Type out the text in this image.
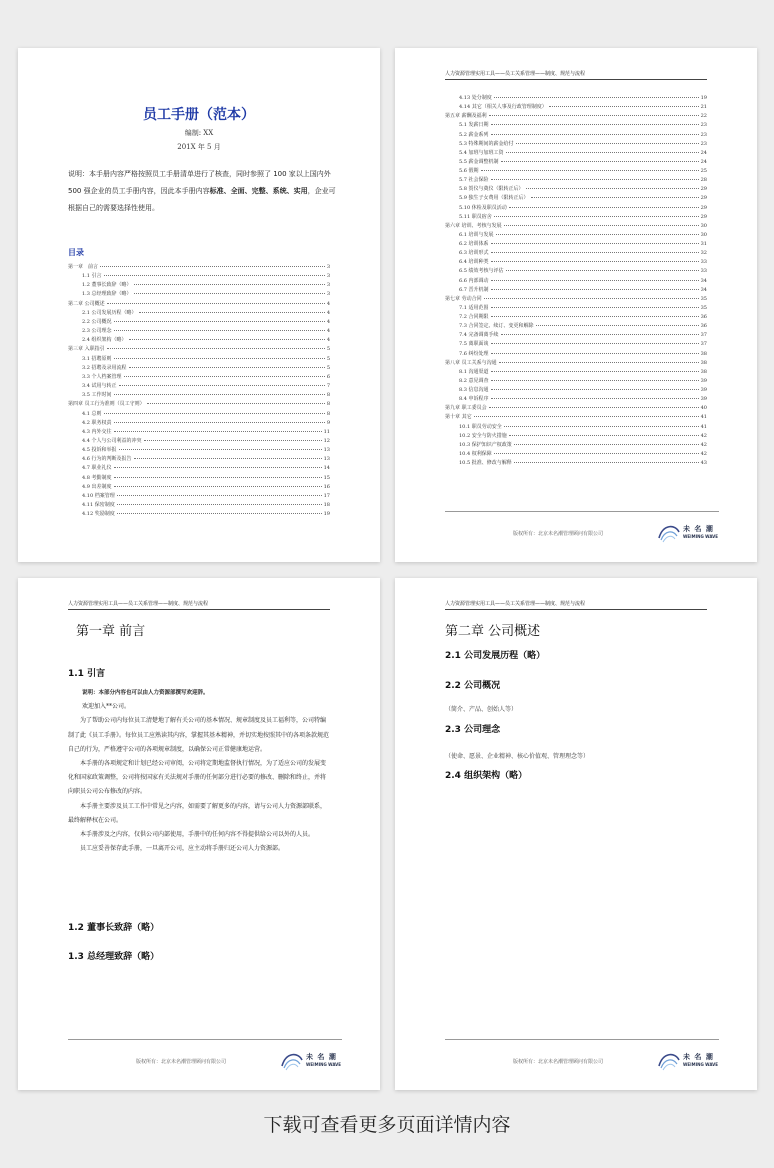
员工手册（范本）
编制: XX
201X 年 5 月
说明：本手册内容严格按照员工手册清单进行了核查，同时参照了 100 家以上国内外 500 强企业的员工手册内容，因此本手册内容标准、全面、完整、系统、实用，企业可根据自己的需要选择性使用。
目录
第一章　前言	3
1.1 引言	3
1.2 董事长致辞（略）	3
1.3 总经理致辞（略）	3
第二章 公司概述	4
2.1 公司发展历程（略）	4
2.2 公司概况	4
2.3 公司理念	4
2.4 组织架构（略）	4
第三章 入职指引	5
3.1 招聘原则	5
3.2 招聘及录用流程	5
3.3 个人档案管理	6
3.4 试用与转正	7
3.5 工作时间	8
第四章 员工行为准则（员工守则）	8
4.1 总则	8
4.2 职务权责	9
4.3 内外交往	11
4.4 个人与公司利益的冲突	12
4.5 投诉和举报	13
4.6 行为的判断及报告	13
4.7 职业礼仪	14
4.8 考勤制度	15
4.9 出差制度	16
4.10 档案管理	17
4.11 保密制度	18
4.12 奖励制度	19
人力资源管理实用工具——员工关系管理——制度、规范与流程
4.13 处分制度	19
4.14 其它（相关人事及行政管理制度）	21
第五章 薪酬及福利	22
5.1 发薪日期	23
5.2 薪金系列	23
5.3 特殊期间的薪金给付	23
5.4 加班与加班工资	24
5.5 薪金调整机制	24
5.6 假期	25
5.7 社会保险	28
5.8 贺仪与奠仪（限转正后）	29
5.9 独生子女费用（限转正后）	29
5.10 休检及职员活动	29
5.11 职员宿舍	29
第六章 培训、考核与发展	30
6.1 培训与发展	30
6.2 培训体系	31
6.3 培训形式	32
6.4 培训种类	33
6.5 绩效考核与评估	33
6.6 内部调动	34
6.7 晋升机制	34
第七章 劳动合同	35
7.1 适用范围	35
7.2 合同期限	36
7.3 合同签定、续订、变更和解除	36
7.4 完备调离手续	37
7.5 离职面谈	37
7.6 纠纷处理	38
第八章 员工关系与沟通	38
8.1 沟通渠道	38
8.2 意见调查	39
8.3 信息沟通	39
8.4 申诉程序	39
第九章 职工委员会	40
第十章 其它	41
10.1 职员劳动安全	41
10.2 安全与防火措施	42
10.3 保护知识产权政策	42
10.4 权利保障	42
10.5 批准、修改与解释	43
版权所有：北京未名潮管理顾问有限公司
未 名 潮
WEIMING WAVE
人力资源管理实用工具——员工关系管理——制度、规范与流程
第一章 前言
1.1 引言
说明：本部分内容也可以由人力资源部撰写欢迎辞。

欢迎加入**公司。

为了帮助公司内每位员工清楚地了解有关公司的基本情况、规章制度及员工福利等，公司特编制了此《员工手册》。每位员工应熟读其内容，掌握其基本精神，并切实地按照其中的各项条款规范自己的行为，严格遵守公司的各项规章制度，以确保公司正常健康地运营。

本手册的各项规定和计划已经公司审阅，公司将定期地监督执行情况，为了适应公司的发展变化和国家政策调整，公司将按国家有关法规对手册的任何部分进行必要的修改、删除和终止，并将向职员公司公布修改的内容。

本手册主要涉及员工工作中常见之内容，如需要了解更多的内容，请与公司人力资源部联系，最终解释权在公司。

本手册涉及之内容，仅供公司内部使用，手册中的任何内容不得提供给公司以外的人员。

员工应妥善保存此手册，一旦离开公司，应主动将手册归还公司人力资源部。

1.2 董事长致辞（略）
1.3 总经理致辞（略）
版权所有：北京未名潮管理顾问有限公司
未 名 潮
WEIMING WAVE
人力资源管理实用工具——员工关系管理——制度、规范与流程
第二章 公司概述
2.1 公司发展历程（略）
2.2 公司概况
（简介、产品、创始人等）
2.3 公司理念
（使命、愿景、企业精神、核心价值观、管理理念等）
2.4 组织架构（略）
版权所有：北京未名潮管理顾问有限公司
未 名 潮
WEIMING WAVE
下载可查看更多页面详情内容
